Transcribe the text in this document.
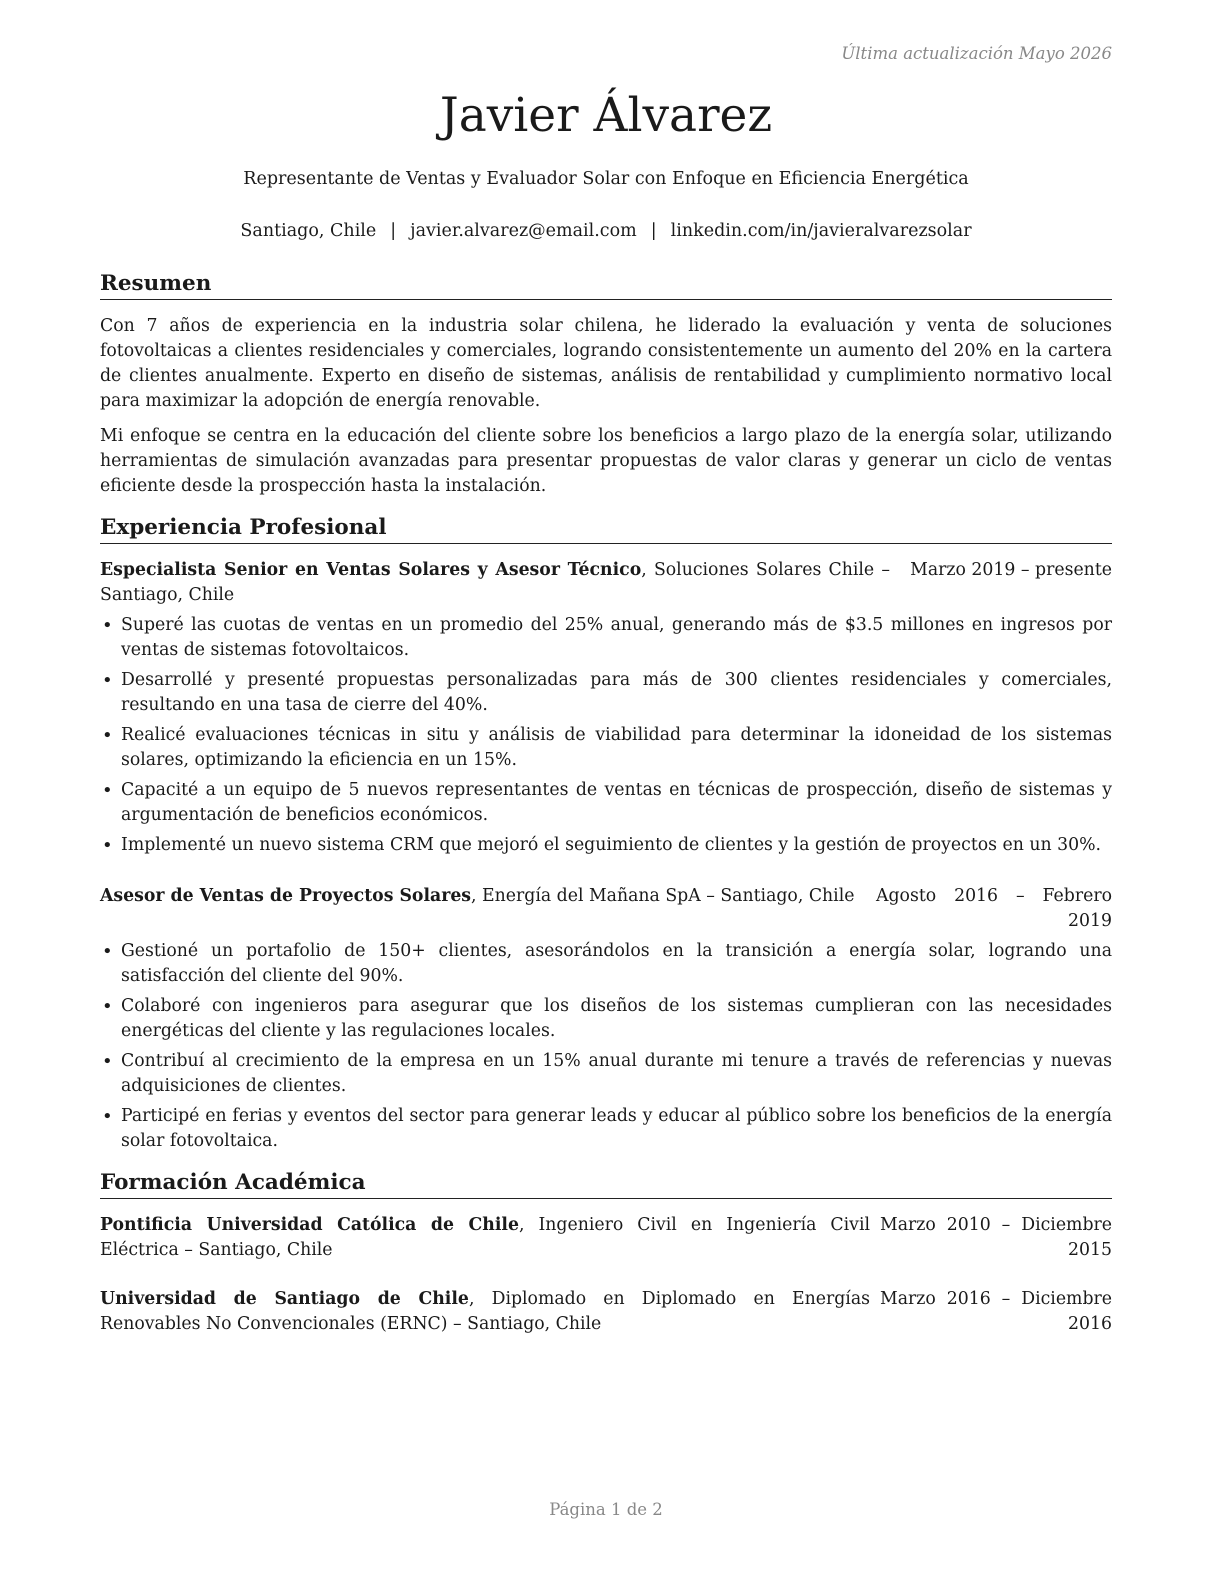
Última actualización Mayo 2026
Javier Álvarez
Representante de Ventas y Evaluador Solar con Enfoque en Eficiencia Energética
Santiago, Chile | javier.alvarez@email.com | linkedin.com/in/javieralvarezsolar
Resumen

Con 7 años de experiencia en la industria solar chilena, he liderado la evaluación y venta de soluciones fotovoltaicas a clientes residenciales y comerciales, logrando consistentemente un aumento del 20% en la cartera de clientes anualmente. Experto en diseño de sistemas, análisis de rentabilidad y cumplimiento normativo local para maximizar la adopción de energía renovable.

Mi enfoque se centra en la educación del cliente sobre los beneficios a largo plazo de la energía solar, utilizando herramientas de simulación avanzadas para presentar propuestas de valor claras y generar un ciclo de ventas eficiente desde la prospección hasta la instalación.

Experiencia Profesional
Especialista Senior en Ventas Solares y Asesor Técnico, Soluciones Solares Chile – Santiago, Chile
Marzo 2019 – presente
• Superé las cuotas de ventas en un promedio del 25% anual, generando más de $3.5 millones en ingresos por ventas de sistemas fotovoltaicos.
• Desarrollé y presenté propuestas personalizadas para más de 300 clientes residenciales y comerciales, resultando en una tasa de cierre del 40%.
• Realicé evaluaciones técnicas in situ y análisis de viabilidad para determinar la idoneidad de los sistemas solares, optimizando la eficiencia en un 15%.
• Capacité a un equipo de 5 nuevos representantes de ventas en técnicas de prospección, diseño de sistemas y argumentación de beneficios económicos.
• Implementé un nuevo sistema CRM que mejoró el seguimiento de clientes y la gestión de proyectos en un 30%.
Asesor de Ventas de Proyectos Solares, Energía del Mañana SpA – Santiago, Chile	Agosto 2016 – Febrero 2019
• Gestioné un portafolio de 150+ clientes, asesorándolos en la transición a energía solar, logrando una satisfacción del cliente del 90%.
• Colaboré con ingenieros para asegurar que los diseños de los sistemas cumplieran con las necesidades energéticas del cliente y las regulaciones locales.
• Contribuí al crecimiento de la empresa en un 15% anual durante mi tenure a través de referencias y nuevas adquisiciones de clientes.
• Participé en ferias y eventos del sector para generar leads y educar al público sobre los beneficios de la energía solar fotovoltaica.
Formación Académica
Pontificia Universidad Católica de Chile, Ingeniero Civil en Ingeniería Civil Eléctrica – Santiago, Chile
Marzo 2010 – Diciembre 2015
Universidad de Santiago de Chile, Diplomado en Diplomado en Energías Renovables No Convencionales (ERNC) – Santiago, Chile
Marzo 2016 – Diciembre 2016
Página 1 de 2
